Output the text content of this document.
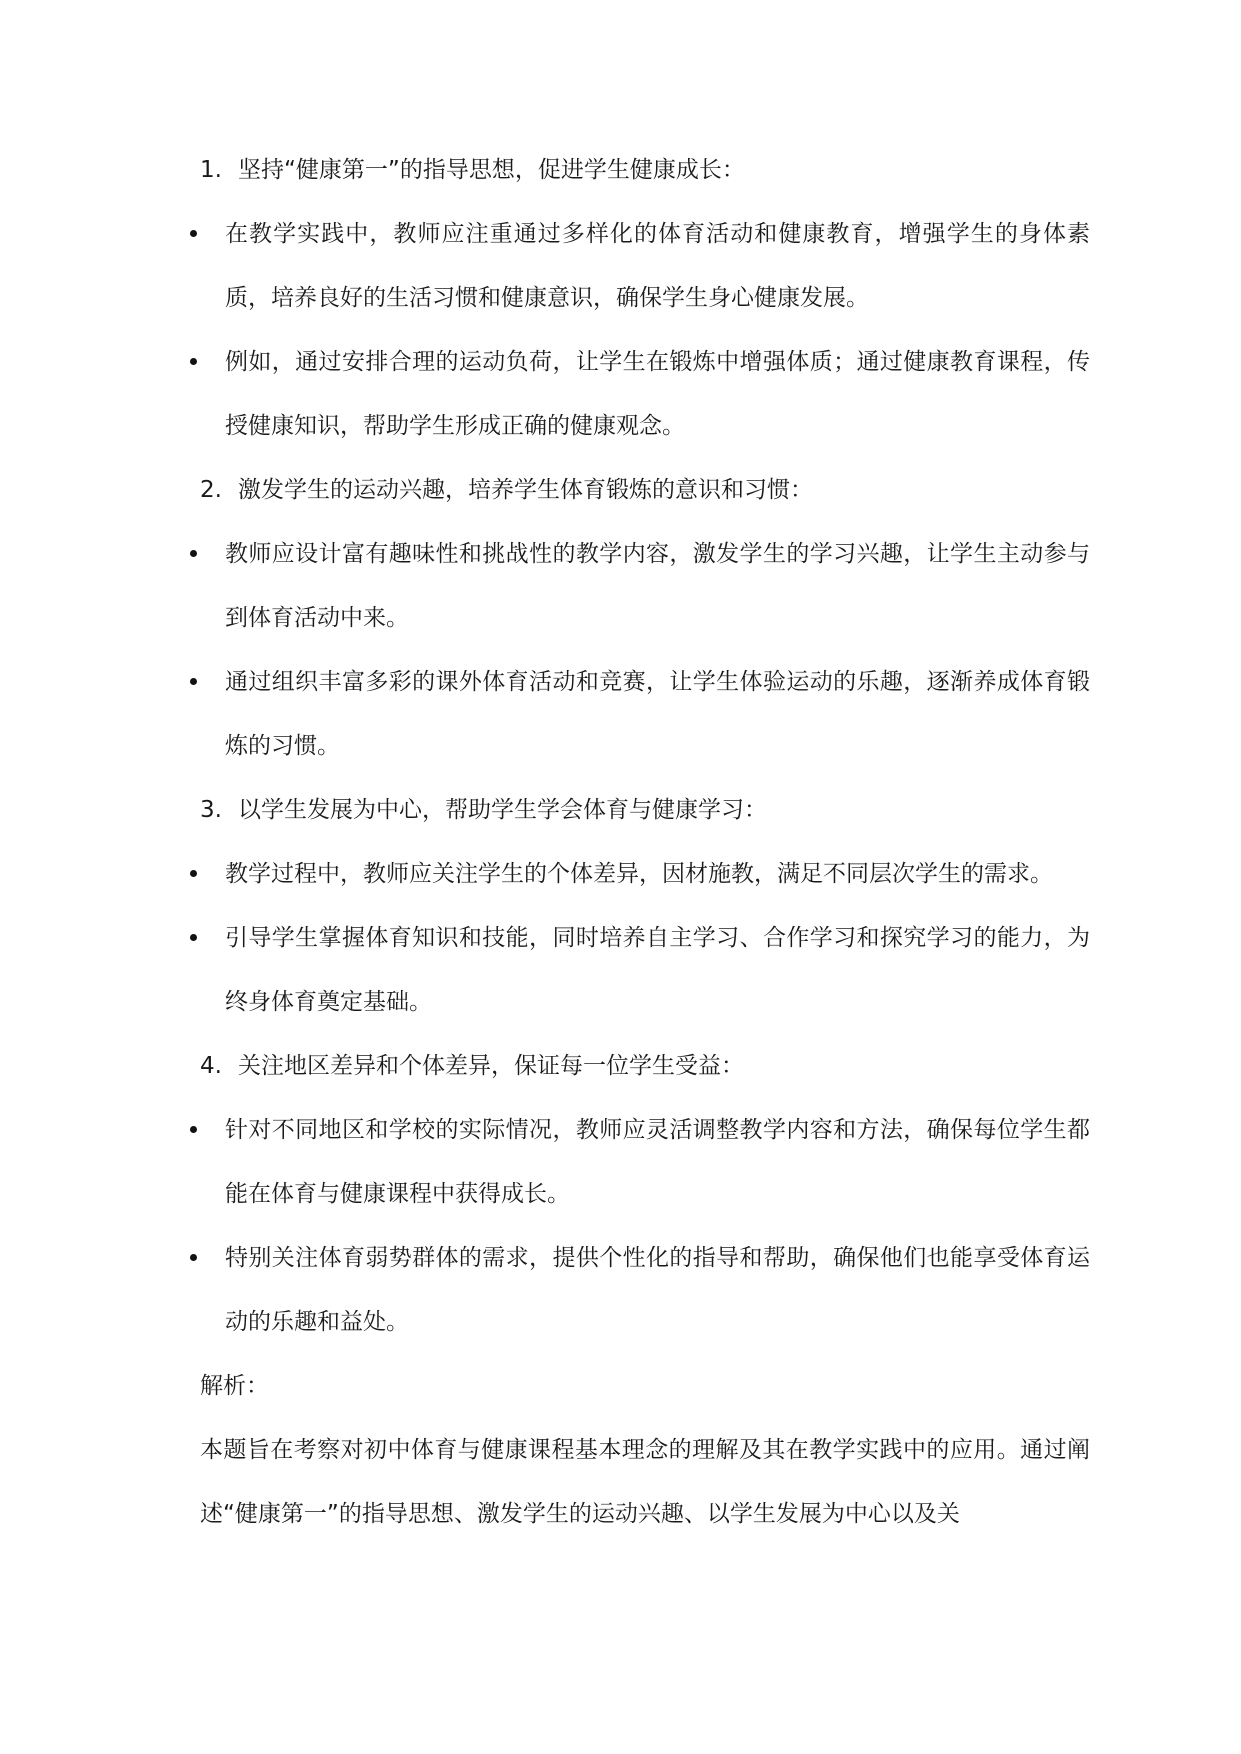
1. 坚持“健康第一”的指导思想，促进学生健康成长：

在教学实践中，教师应注重通过多样化的体育活动和健康教育，增强学生的身体素质，培养良好的生活习惯和健康意识，确保学生身心健康发展。

例如，通过安排合理的运动负荷，让学生在锻炼中增强体质；通过健康教育课程，传授健康知识，帮助学生形成正确的健康观念。

2. 激发学生的运动兴趣，培养学生体育锻炼的意识和习惯：

教师应设计富有趣味性和挑战性的教学内容，激发学生的学习兴趣，让学生主动参与到体育活动中来。

通过组织丰富多彩的课外体育活动和竞赛，让学生体验运动的乐趣，逐渐养成体育锻炼的习惯。

3. 以学生发展为中心，帮助学生学会体育与健康学习：

教学过程中，教师应关注学生的个体差异，因材施教，满足不同层次学生的需求。

引导学生掌握体育知识和技能，同时培养自主学习、合作学习和探究学习的能力，为终身体育奠定基础。

4. 关注地区差异和个体差异，保证每一位学生受益：

针对不同地区和学校的实际情况，教师应灵活调整教学内容和方法，确保每位学生都能在体育与健康课程中获得成长。

特别关注体育弱势群体的需求，提供个性化的指导和帮助，确保他们也能享受体育运动的乐趣和益处。

解析：

本题旨在考察对初中体育与健康课程基本理念的理解及其在教学实践中的应用。通过阐述“健康第一”的指导思想、激发学生的运动兴趣、以学生发展为中心以及关
